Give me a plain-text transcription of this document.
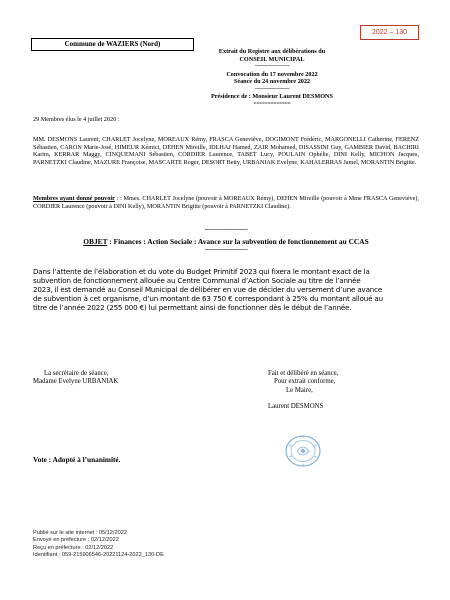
2022 – 130
Commune de WAZIERS (Nord)
Extrait du Registre aux délibérations du
CONSEIL MUNICIPAL
------------------------------
Convocation du 17 novembre 2022
Séance du 24 novembre 2022
------------------------------
Présidence de : Monsieur Laurent DESMONS
=============
29 Membres élus le 4 juillet 2020 :
MM. DESMONS Laurent, CHARLET Jocelyne, MOREAUX Rémy, FRASCA Geneviève, DOGIMONT Frédéric, MARGONELLI Catherine, FERENZ Sébastien, CARON Marie-José, HIMEUR Kémici, DEHEN Mireille, IDLHAJ Hamed, ZAIR Mohamed, DISASSINI Guy, GAMBIER David, BACHIRI Karim, KERRAR Maggy, CINQUEMANI Sébastien, CORDIER Laurence, TABET Lucy, POULAIN Ophélie, DINI Kelly, MICHON Jacques, PARNETZKI Claudine, MAZURE Françoise, MASCARTE Roger, DESORT Betty, URBANIAK Evelyne, KAHALERRAS Jamel, MORANTIN Brigitte.
Membres ayant donné pouvoir : : Mmes. CHARLET Jocelyne (pouvoir à MOREAUX Rémy), DEHEN Mireille (pouvoir à Mme FRASCA Geneviève), CORDIER Laurence (pouvoir à DINI Kelly), MORANTIN Brigitte (pouvoir à PARNETZKI Claudine).
-------------------------
OBJET : Finances : Action Sociale : Avance sur la subvention de fonctionnement au CCAS
-------------------------
Dans l’attente de l’élaboration et du vote du Budget Primitif 2023 qui fixera le montant exact de la
subvention de fonctionnement allouée au Centre Communal d’Action Sociale au titre de l’année
2023, il est demandé au Conseil Municipal de délibérer en vue de décider du versement d’une avance
de subvention à cet organisme, d’un montant de 63 750 € correspondant à 25% du montant alloué au
titre de l’année 2022 (255 000 €) lui permettant ainsi de fonctionner dès le début de l’année.
Vote : Adopté à l’unanimité.
La secrétaire de séance,
Madame Evelyne URBANIAK
Fait et délibéré en séance,
Pour extrait conforme,
Le Maire,
Laurent DESMONS
Publié sur le site internet : 05/12/2022
Envoyé en préfecture : 02/12/2022
Reçu en préfecture : 02/12/2022
Identifiant : 059-215906546-20221124-2022_130-DE
